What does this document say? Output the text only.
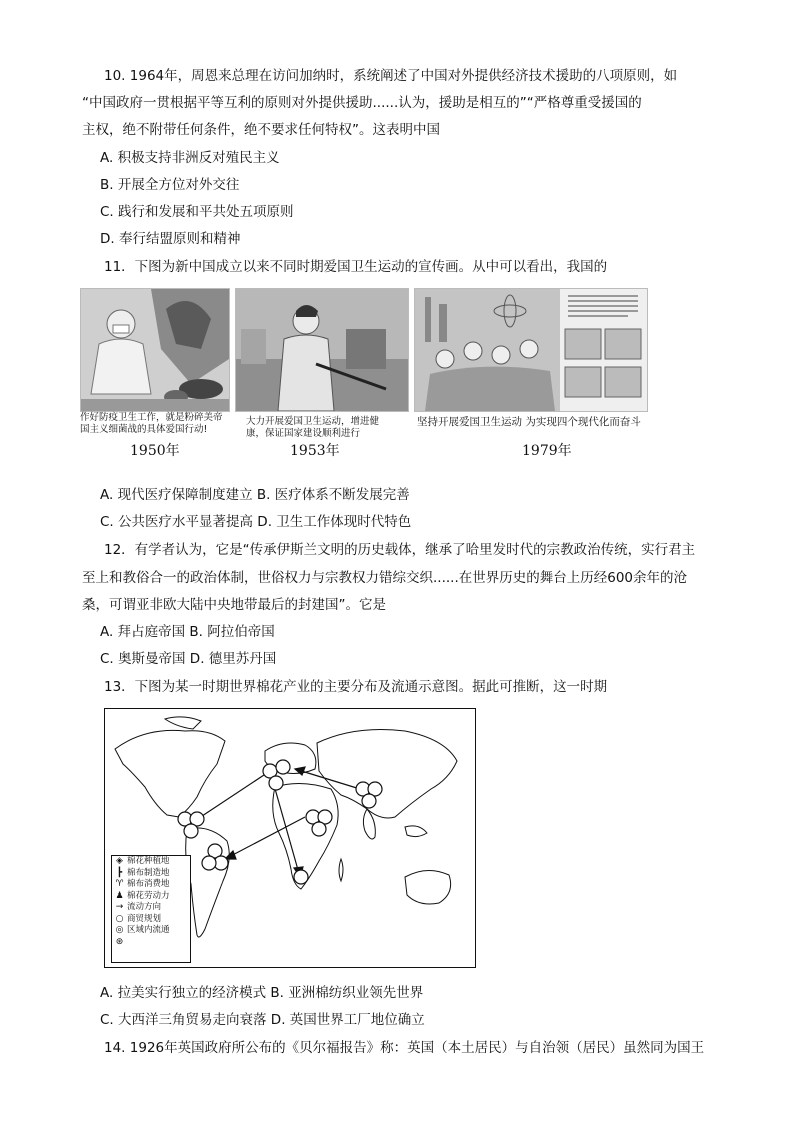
10. 1964年，周恩来总理在访问加纳时，系统阐述了中国对外提供经济技术援助的八项原则，如
“中国政府一贯根据平等互利的原则对外提供援助......认为，援助是相互的”“严格尊重受援国的
主权，绝不附带任何条件，绝不要求任何特权”。这表明中国
A. 积极支持非洲反对殖民主义
B. 开展全方位对外交往
C. 践行和发展和平共处五项原则
D. 奉行结盟原则和精神
11．下图为新中国成立以来不同时期爱国卫生运动的宣传画。从中可以看出，我国的
作好防疫卫生工作，就是粉碎美帝国主义细菌战的具体爱国行动!
1950年
大力开展爱国卫生运动，增进健康，保证国家建设顺利进行
1953年
坚持开展爱国卫生运动 为实现四个现代化而奋斗
1979年
A. 现代医疗保障制度建立 B. 医疗体系不断发展完善
C. 公共医疗水平显著提高 D. 卫生工作体现时代特色
12．有学者认为，它是“传承伊斯兰文明的历史载体，继承了哈里发时代的宗教政治传统，实行君主
至上和教俗合一的政治体制，世俗权力与宗教权力错综交织......在世界历史的舞台上历经600余年的沧
桑，可谓亚非欧大陆中央地带最后的封建国”。它是
A. 拜占庭帝国 B. 阿拉伯帝国
C. 奥斯曼帝国 D. 德里苏丹国
13．下图为某一时期世界棉花产业的主要分布及流通示意图。据此可推断，这一时期
◈ 棉花种植地
┣ 棉布制造地
♈ 棉布消费地
♟ 棉花劳动力
→ 流动方向
○ 商贸规划
◎ 区域内流通
⊛
A. 拉美实行独立的经济模式 B. 亚洲棉纺织业领先世界
C. 大西洋三角贸易走向衰落 D. 英国世界工厂地位确立
14. 1926年英国政府所公布的《贝尔福报告》称：英国（本土居民）与自治领（居民）虽然同为国王
